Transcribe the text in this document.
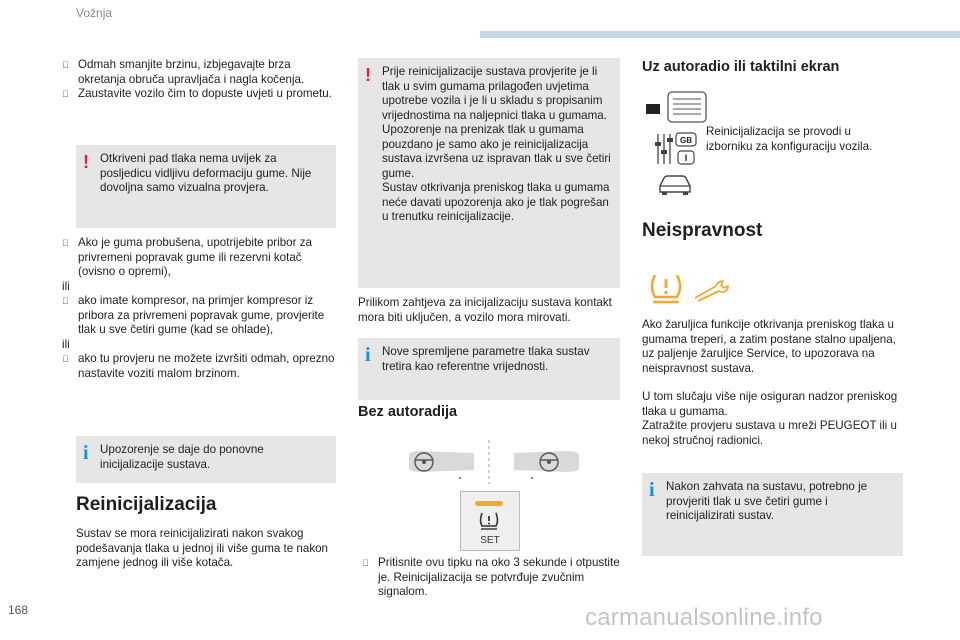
Vožnja
Odmah smanjite brzinu, izbjegavajte brza okretanja obruča upravljača i nagla kočenja.
Zaustavite vozilo čim to dopuste uvjeti u prometu.
! Otkriveni pad tlaka nema uvijek za posljedicu vidljivu deformaciju gume. Nije dovoljna samo vizualna provjera.
Ako je guma probušena, upotrijebite pribor za privremeni popravak gume ili rezervni kotač (ovisno o opremi),
ili
ako imate kompresor, na primjer kompresor iz pribora za privremeni popravak gume, provjerite tlak u sve četiri gume (kad se ohlade),
ili
ako tu provjeru ne možete izvršiti odmah, oprezno nastavite voziti malom brzinom.
i Upozorenje se daje do ponovne inicijalizacije sustava.
Reinicijalizacija
Sustav se mora reinicijalizirati nakon svakog podešavanja tlaka u jednoj ili više guma te nakon zamjene jednog ili više kotača.
! Prije reinicijalizacije sustava provjerite je li tlak u svim gumama prilagođen uvjetima upotrebe vozila i je li u skladu s propisanim vrijednostima na naljepnici tlaka u gumama.
Upozorenje na prenizak tlak u gumama pouzdano je samo ako je reinicijalizacija sustava izvršena uz ispravan tlak u sve četiri gume.
Sustav otkrivanja preniskog tlaka u gumama neće davati upozorenja ako je tlak pogrešan u trenutku reinicijalizacije.
Prilikom zahtjeva za inicijalizaciju sustava kontakt mora biti uključen, a vozilo mora mirovati.
i Nove spremljene parametre tlaka sustav tretira kao referentne vrijednosti.
Bez autoradija
SET
Pritisnite ovu tipku na oko 3 sekunde i otpustite je. Reinicijalizacija se potvrđuje zvučnim signalom.
Uz autoradio ili taktilni ekran
GB
I
Reinicijalizacija se provodi u izborniku za konfiguraciju vozila.
Neispravnost
Ako žaruljica funkcije otkrivanja preniskog tlaka u gumama treperi, a zatim postane stalno upaljena, uz paljenje žaruljice Service, to upozorava na neispravnost sustava.
U tom slučaju više nije osiguran nadzor preniskog tlaka u gumama.
Zatražite provjeru sustava u mreži PEUGEOT ili u nekoj stručnoj radionici.
i Nakon zahvata na sustavu, potrebno je provjeriti tlak u sve četiri gume i reinicijalizirati sustav.
168	carmanualsonline.info
